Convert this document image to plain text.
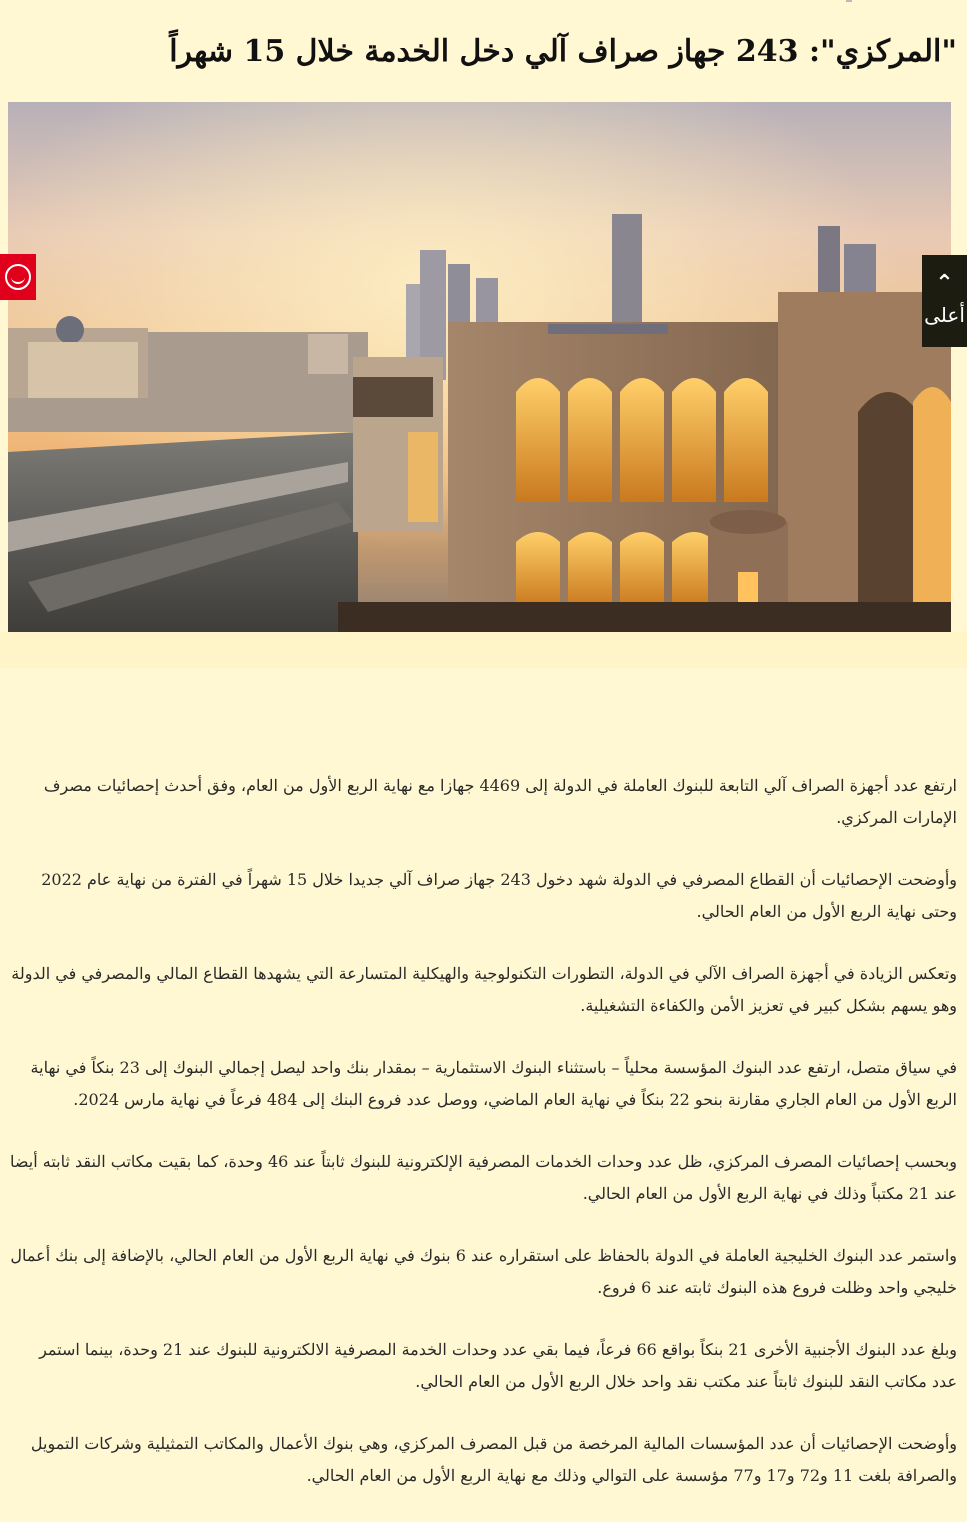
"المركزي": 243 جهاز صراف آلي دخل الخدمة خلال 15 شهراً
⌃
أعلى

ارتفع عدد أجهزة الصراف آلي التابعة للبنوك العاملة في الدولة إلى 4469 جهازا مع نهاية الربع الأول من العام، وفق أحدث إحصائيات مصرف الإمارات المركزي.

وأوضحت الإحصائيات أن القطاع المصرفي في الدولة شهد دخول 243 جهاز صراف آلي جديدا خلال 15 شهراً في الفترة من نهاية عام 2022 وحتى نهاية الربع الأول من العام الحالي.

وتعكس الزيادة في أجهزة الصراف الآلي في الدولة، التطورات التكنولوجية والهيكلية المتسارعة التي يشهدها القطاع المالي والمصرفي في الدولة وهو يسهم بشكل كبير في تعزيز الأمن والكفاءة التشغيلية.

في سياق متصل، ارتفع عدد البنوك المؤسسة محلياً – باستثناء البنوك الاستثمارية – بمقدار بنك واحد ليصل إجمالي البنوك إلى 23 بنكاً في نهاية الربع الأول من العام الجاري مقارنة بنحو 22 بنكاً في نهاية العام الماضي، ووصل عدد فروع البنك إلى 484 فرعاً في نهاية مارس 2024.

وبحسب إحصائيات المصرف المركزي، ظل عدد وحدات الخدمات المصرفية الإلكترونية للبنوك ثابتاً عند 46 وحدة، كما بقيت مكاتب النقد ثابته أيضا عند 21 مكتباً وذلك في نهاية الربع الأول من العام الحالي.

واستمر عدد البنوك الخليجية العاملة في الدولة بالحفاظ على استقراره عند 6 بنوك في نهاية الربع الأول من العام الحالي، بالإضافة إلى بنك أعمال خليجي واحد وظلت فروع هذه البنوك ثابته عند 6 فروع.

وبلغ عدد البنوك الأجنبية الأخرى 21 بنكاً بواقع 66 فرعاً، فيما بقي عدد وحدات الخدمة المصرفية الالكترونية للبنوك عند 21 وحدة، بينما استمر عدد مكاتب النقد للبنوك ثابتاً عند مكتب نقد واحد خلال الربع الأول من العام الحالي.

وأوضحت الإحصائيات أن عدد المؤسسات المالية المرخصة من قبل المصرف المركزي، وهي بنوك الأعمال والمكاتب التمثيلية وشركات التمويل والصرافة بلغت 11 و72 و17 و77 مؤسسة على التوالي وذلك مع نهاية الربع الأول من العام الحالي.
